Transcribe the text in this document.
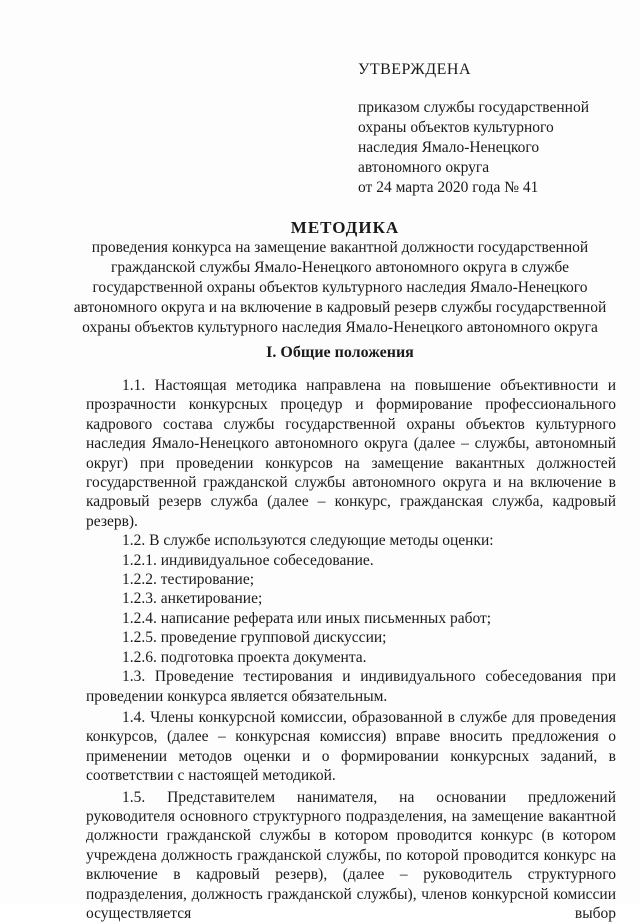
УТВЕРЖДЕНА
приказом службы государственной
охраны объектов культурного
наследия Ямало-Ненецкого
автономного округа
от 24 марта 2020 года № 41
МЕТОДИКА
проведения конкурса на замещение вакантной должности государственной
гражданской службы Ямало-Ненецкого автономного округа в службе
государственной охраны объектов культурного наследия Ямало-Ненецкого
автономного округа и на включение в кадровый резерв службы государственной
охраны объектов культурного наследия Ямало-Ненецкого автономного округа
I. Общие положения

1.1. Настоящая методика направлена на повышение объективности и прозрачности конкурсных процедур и формирование профессионального кадрового состава службы государственной охраны объектов культурного наследия Ямало-Ненецкого автономного округа (далее – службы, автономный округ) при проведении конкурсов на замещение вакантных должностей государственной гражданской службы автономного округа и на включение в кадровый резерв служба (далее – конкурс, гражданская служба, кадровый резерв).

1.2. В службе используются следующие методы оценки:

1.2.1. индивидуальное собеседование.
1.2.2. тестирование;
1.2.3. анкетирование;
1.2.4. написание реферата или иных письменных работ;
1.2.5. проведение групповой дискуссии;
1.2.6. подготовка проекта документа.

1.3. Проведение тестирования и индивидуального собеседования при проведении конкурса является обязательным.

1.4. Члены конкурсной комиссии, образованной в службе для проведения конкурсов, (далее – конкурсная комиссия) вправе вносить предложения о применении методов оценки и о формировании конкурсных заданий, в соответствии с настоящей методикой.

1.5. Представителем нанимателя, на основании предложений руководителя основного структурного подразделения, на замещение вакантной должности гражданской службы в котором проводится конкурс (в котором учреждена должность гражданской службы, по которой проводится конкурс на включение в кадровый резерв), (далее – руководитель структурного подразделения, должность гражданской службы), членов конкурсной комиссии осуществляется выбор
